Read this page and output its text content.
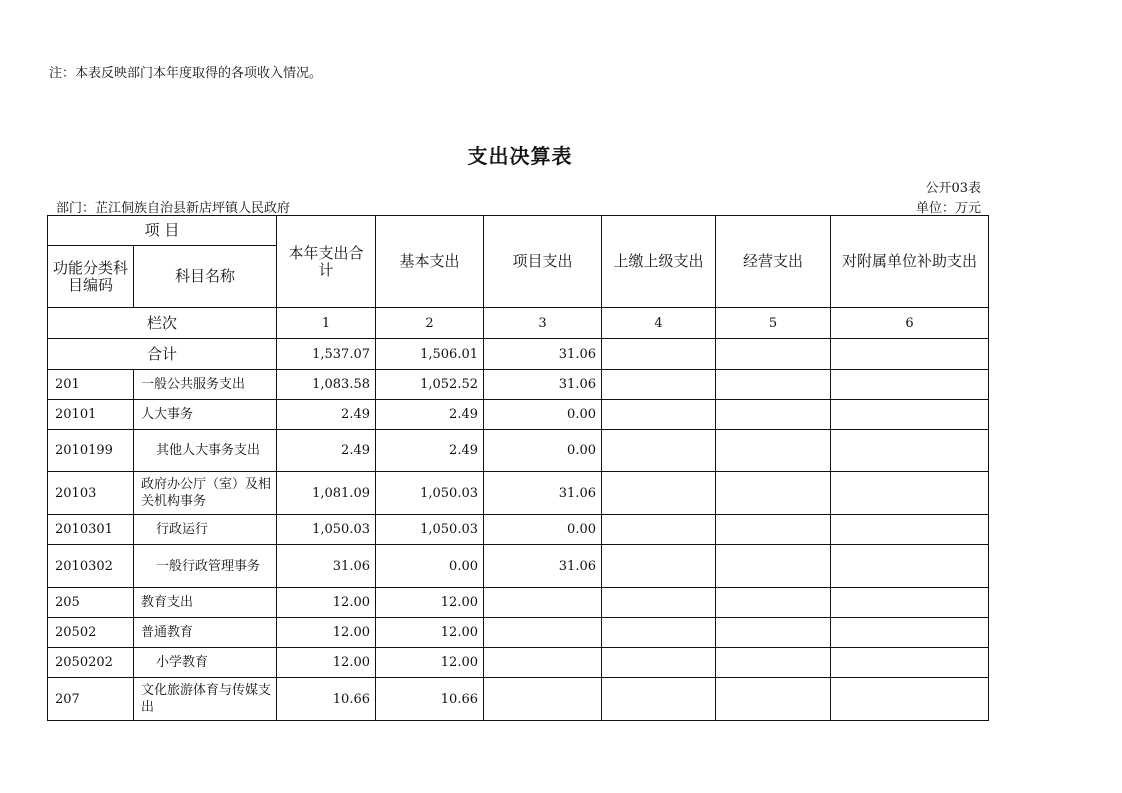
注：本表反映部门本年度取得的各项收入情况。
支出决算表
公开03表
部门：芷江侗族自治县新店坪镇人民政府	单位：万元
项 目		本年支出合计	基本支出	项目支出	上缴上级支出	经营支出	对附属单位补助支出
功能分类科目编码	科目名称						
栏次		1	2	3	4	5	6
合计		1,537.07	1,506.01	31.06			
201	一般公共服务支出	1,083.58	1,052.52	31.06			
20101	人大事务	2.49	2.49	0.00			
2010199	其他人大事务支出	2.49	2.49	0.00			
20103	政府办公厅（室）及相关机构事务	1,081.09	1,050.03	31.06			
2010301	行政运行	1,050.03	1,050.03	0.00			
2010302	一般行政管理事务	31.06	0.00	31.06			
205	教育支出	12.00	12.00				
20502	普通教育	12.00	12.00				
2050202	小学教育	12.00	12.00				
207	文化旅游体育与传媒支出	10.66	10.66				
